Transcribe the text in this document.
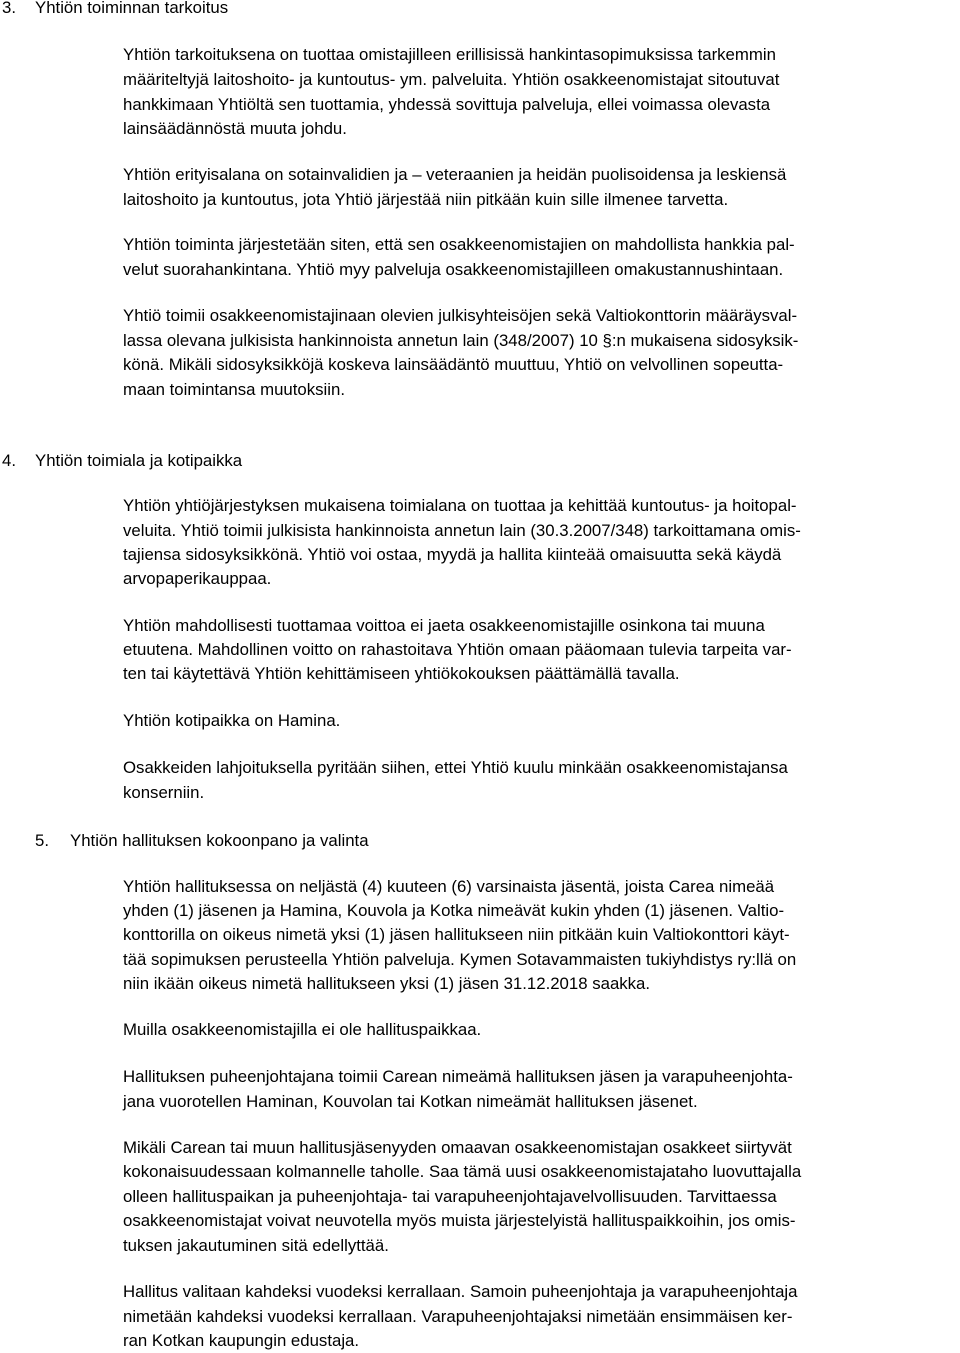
3. Yhtiön toiminnan tarkoitus
Yhtiön tarkoituksena on tuottaa omistajilleen erillisissä hankintasopimuksissa tarkemmin
määriteltyjä laitoshoito- ja kuntoutus- ym. palveluita. Yhtiön osakkeenomistajat sitoutuvat
hankkimaan Yhtiöltä sen tuottamia, yhdessä sovittuja palveluja, ellei voimassa olevasta
lainsäädännöstä muuta johdu.
Yhtiön erityisalana on sotainvalidien ja – veteraanien ja heidän puolisoidensa ja leskiensä
laitoshoito ja kuntoutus, jota Yhtiö järjestää niin pitkään kuin sille ilmenee tarvetta.
Yhtiön toiminta järjestetään siten, että sen osakkeenomistajien on mahdollista hankkia pal-
velut suorahankintana. Yhtiö myy palveluja osakkeenomistajilleen omakustannushintaan.
Yhtiö toimii osakkeenomistajinaan olevien julkisyhteisöjen sekä Valtiokonttorin määräysval-
lassa olevana julkisista hankinnoista annetun lain (348/2007) 10 §:n mukaisena sidosyksik-
könä. Mikäli sidosyksikköjä koskeva lainsäädäntö muuttuu, Yhtiö on velvollinen sopeutta-
maan toimintansa muutoksiin.
4. Yhtiön toimiala ja kotipaikka
Yhtiön yhtiöjärjestyksen mukaisena toimialana on tuottaa ja kehittää kuntoutus- ja hoitopal-
veluita. Yhtiö toimii julkisista hankinnoista annetun lain (30.3.2007/348) tarkoittamana omis-
tajiensa sidosyksikkönä. Yhtiö voi ostaa, myydä ja hallita kiinteää omaisuutta sekä käydä
arvopaperikauppaa.
Yhtiön mahdollisesti tuottamaa voittoa ei jaeta osakkeenomistajille osinkona tai muuna
etuutena. Mahdollinen voitto on rahastoitava Yhtiön omaan pääomaan tulevia tarpeita var-
ten tai käytettävä Yhtiön kehittämiseen yhtiökokouksen päättämällä tavalla.
Yhtiön kotipaikka on Hamina.
Osakkeiden lahjoituksella pyritään siihen, ettei Yhtiö kuulu minkään osakkeenomistajansa
konserniin.
5. Yhtiön hallituksen kokoonpano ja valinta
Yhtiön hallituksessa on neljästä (4) kuuteen (6) varsinaista jäsentä, joista Carea nimeää
yhden (1) jäsenen ja Hamina, Kouvola ja Kotka nimeävät kukin yhden (1) jäsenen. Valtio-
konttorilla on oikeus nimetä yksi (1) jäsen hallitukseen niin pitkään kuin Valtiokonttori käyt-
tää sopimuksen perusteella Yhtiön palveluja. Kymen Sotavammaisten tukiyhdistys ry:llä on
niin ikään oikeus nimetä hallitukseen yksi (1) jäsen 31.12.2018 saakka.
Muilla osakkeenomistajilla ei ole hallituspaikkaa.
Hallituksen puheenjohtajana toimii Carean nimeämä hallituksen jäsen ja varapuheenjohta-
jana vuorotellen Haminan, Kouvolan tai Kotkan nimeämät hallituksen jäsenet.
Mikäli Carean tai muun hallitusjäsenyyden omaavan osakkeenomistajan osakkeet siirtyvät
kokonaisuudessaan kolmannelle taholle. Saa tämä uusi osakkeenomistajataho luovuttajalla
olleen hallituspaikan ja puheenjohtaja- tai varapuheenjohtajavelvollisuuden. Tarvittaessa
osakkeenomistajat voivat neuvotella myös muista järjestelyistä hallituspaikkoihin, jos omis-
tuksen jakautuminen sitä edellyttää.
Hallitus valitaan kahdeksi vuodeksi kerrallaan. Samoin puheenjohtaja ja varapuheenjohtaja
nimetään kahdeksi vuodeksi kerrallaan. Varapuheenjohtajaksi nimetään ensimmäisen ker-
ran Kotkan kaupungin edustaja.
